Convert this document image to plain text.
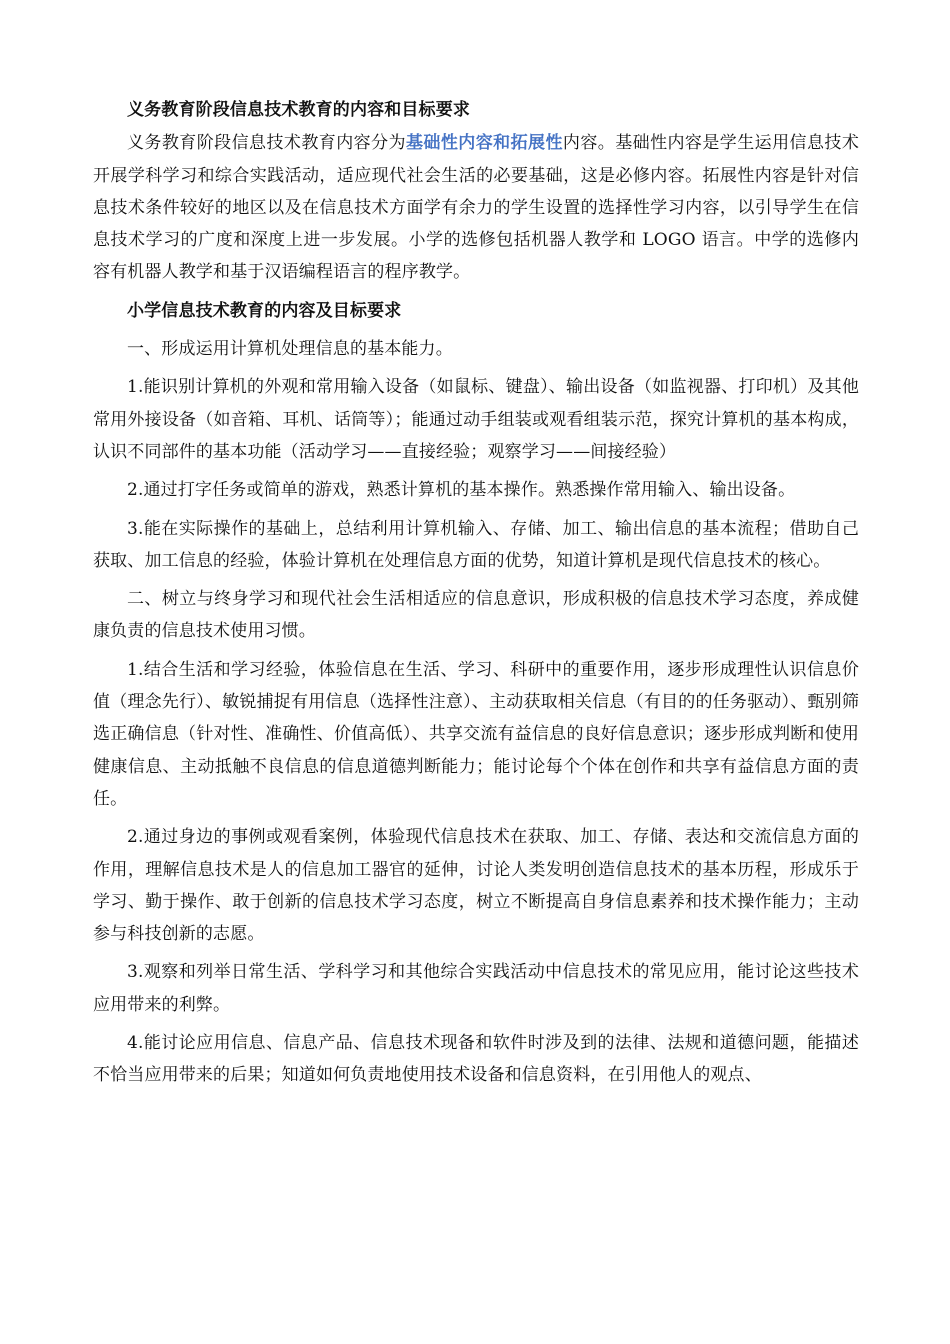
义务教育阶段信息技术教育的内容和目标要求

义务教育阶段信息技术教育内容分为基础性内容和拓展性内容。基础性内容是学生运用信息技术开展学科学习和综合实践活动，适应现代社会生活的必要基础，这是必修内容。拓展性内容是针对信息技术条件较好的地区以及在信息技术方面学有余力的学生设置的选择性学习内容，以引导学生在信息技术学习的广度和深度上进一步发展。小学的选修包括机器人教学和 LOGO 语言。中学的选修内容有机器人教学和基于汉语编程语言的程序教学。

小学信息技术教育的内容及目标要求

一、形成运用计算机处理信息的基本能力。

1.能识别计算机的外观和常用输入设备（如鼠标、键盘）、输出设备（如监视器、打印机）及其他常用外接设备（如音箱、耳机、话筒等）；能通过动手组装或观看组装示范，探究计算机的基本构成，认识不同部件的基本功能（活动学习——直接经验；观察学习——间接经验）

2.通过打字任务或简单的游戏，熟悉计算机的基本操作。熟悉操作常用输入、输出设备。

3.能在实际操作的基础上，总结利用计算机输入、存储、加工、输出信息的基本流程；借助自己获取、加工信息的经验，体验计算机在处理信息方面的优势，知道计算机是现代信息技术的核心。

二、树立与终身学习和现代社会生活相适应的信息意识，形成积极的信息技术学习态度，养成健康负责的信息技术使用习惯。

1.结合生活和学习经验，体验信息在生活、学习、科研中的重要作用，逐步形成理性认识信息价值（理念先行）、敏锐捕捉有用信息（选择性注意）、主动获取相关信息（有目的的任务驱动）、甄别筛选正确信息（针对性、准确性、价值高低）、共享交流有益信息的良好信息意识；逐步形成判断和使用健康信息、主动抵触不良信息的信息道德判断能力；能讨论每个个体在创作和共享有益信息方面的责任。

2.通过身边的事例或观看案例，体验现代信息技术在获取、加工、存储、表达和交流信息方面的作用，理解信息技术是人的信息加工器官的延伸，讨论人类发明创造信息技术的基本历程，形成乐于学习、勤于操作、敢于创新的信息技术学习态度，树立不断提高自身信息素养和技术操作能力；主动参与科技创新的志愿。

3.观察和列举日常生活、学科学习和其他综合实践活动中信息技术的常见应用，能讨论这些技术应用带来的利弊。

4.能讨论应用信息、信息产品、信息技术现备和软件时涉及到的法律、法规和道德问题，能描述不恰当应用带来的后果；知道如何负责地使用技术设备和信息资料，在引用他人的观点、
